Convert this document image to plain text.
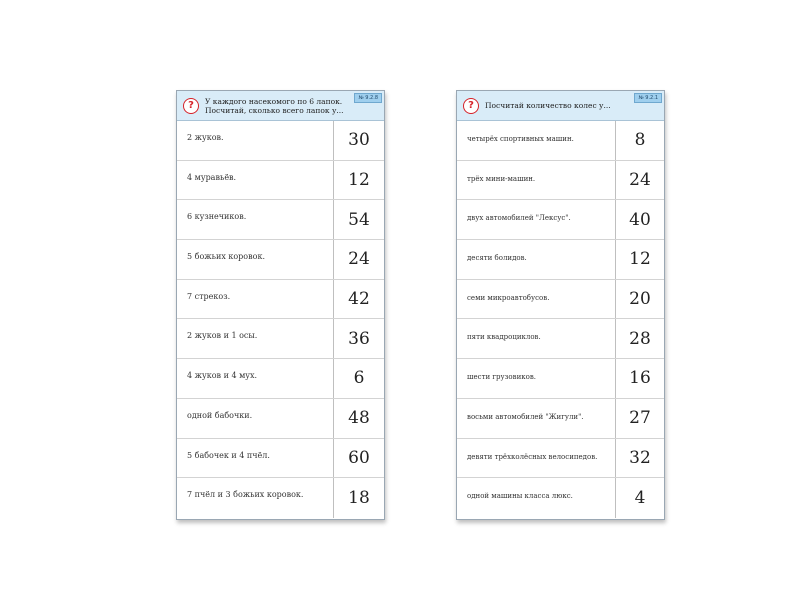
?	У каждого насекомого по 6 лапок. Посчитай, сколько всего лапок у...
№ 9.2.8
2 жуков.	30
4 муравьёв.	12
6 кузнечиков.	54
5 божьих коровок.	24
7 стрекоз.	42
2 жуков и 1 осы.	36
4 жуков и 4 мух.	6
одной бабочки.	48
5 бабочек и 4 пчёл.	60
7 пчёл и 3 божьих коровок.	18
?	Посчитай количество колес у...
№ 9.2.1
четырёх спортивных машин.	8
трёх мини-машин.	24
двух автомобилей "Лексус".	40
десяти болидов.	12
семи микроавтобусов.	20
пяти квадроциклов.	28
шести грузовиков.	16
восьми автомобилей "Жигули".	27
девяти трёхколёсных велосипедов.	32
одной машины класса люкс.	4
